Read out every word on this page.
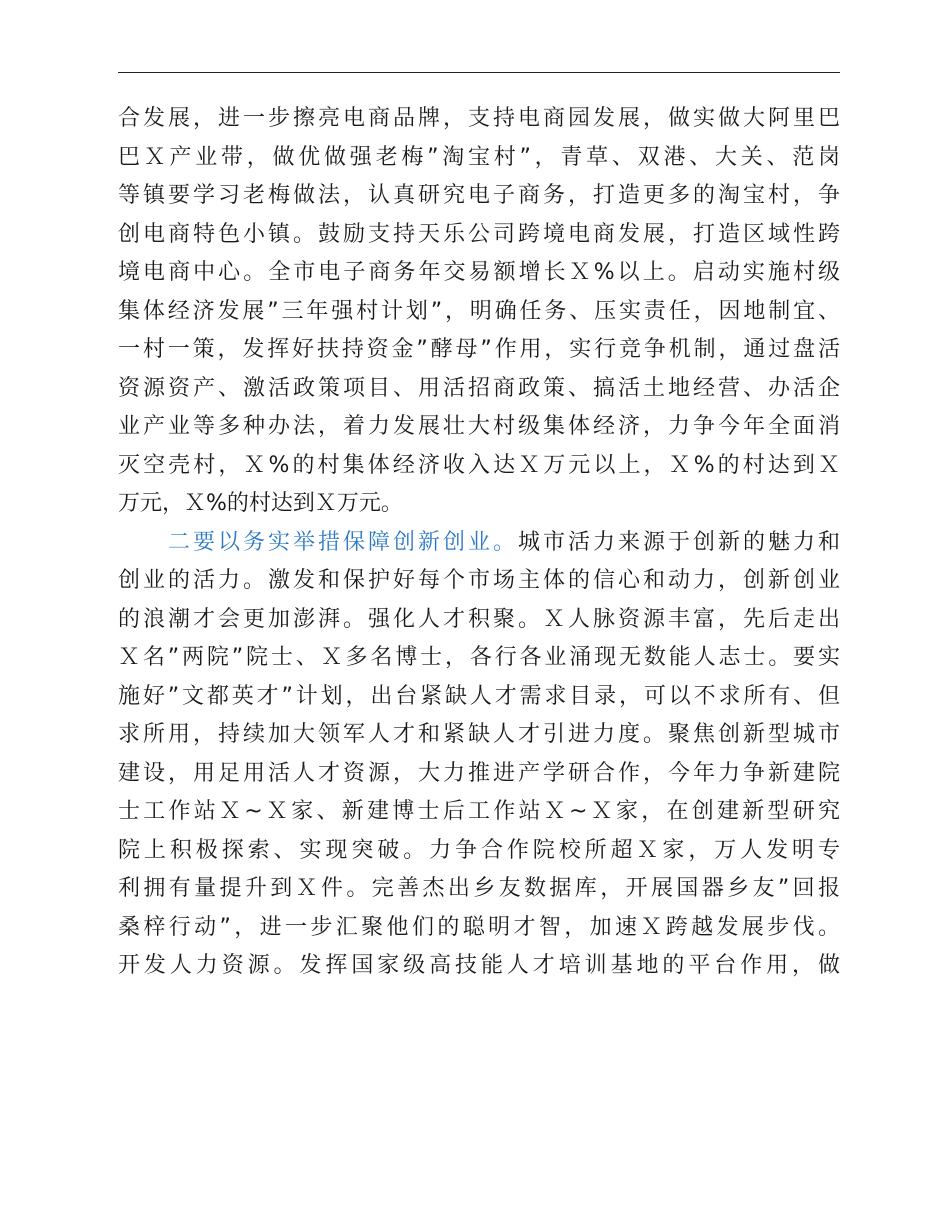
合发展，进一步擦亮电商品牌，支持电商园发展，做实做大阿里巴
巴Ｘ产业带，做优做强老梅”淘宝村”，青草、双港、大关、范岗
等镇要学习老梅做法，认真研究电子商务，打造更多的淘宝村，争
创电商特色小镇。鼓励支持天乐公司跨境电商发展，打造区域性跨
境电商中心。全市电子商务年交易额增长Ｘ%以上。启动实施村级
集体经济发展”三年强村计划”，明确任务、压实责任，因地制宜、
一村一策，发挥好扶持资金”酵母”作用，实行竞争机制，通过盘活
资源资产、激活政策项目、用活招商政策、搞活土地经营、办活企
业产业等多种办法，着力发展壮大村级集体经济，力争今年全面消
灭空壳村，Ｘ%的村集体经济收入达Ｘ万元以上，Ｘ%的村达到Ｘ
万元，Ｘ%的村达到Ｘ万元。
二要以务实举措保障创新创业。城市活力来源于创新的魅力和
创业的活力。激发和保护好每个市场主体的信心和动力，创新创业
的浪潮才会更加澎湃。强化人才积聚。Ｘ人脉资源丰富，先后走出
Ｘ名”两院”院士、Ｘ多名博士，各行各业涌现无数能人志士。要实
施好”文都英才”计划，出台紧缺人才需求目录，可以不求所有、但
求所用，持续加大领军人才和紧缺人才引进力度。聚焦创新型城市
建设，用足用活人才资源，大力推进产学研合作，今年力争新建院
士工作站Ｘ~Ｘ家、新建博士后工作站Ｘ~Ｘ家，在创建新型研究
院上积极探索、实现突破。力争合作院校所超Ｘ家，万人发明专
利拥有量提升到Ｘ件。完善杰出乡友数据库，开展国器乡友”回报
桑梓行动”，进一步汇聚他们的聪明才智，加速Ｘ跨越发展步伐。
开发人力资源。发挥国家级高技能人才培训基地的平台作用，做
